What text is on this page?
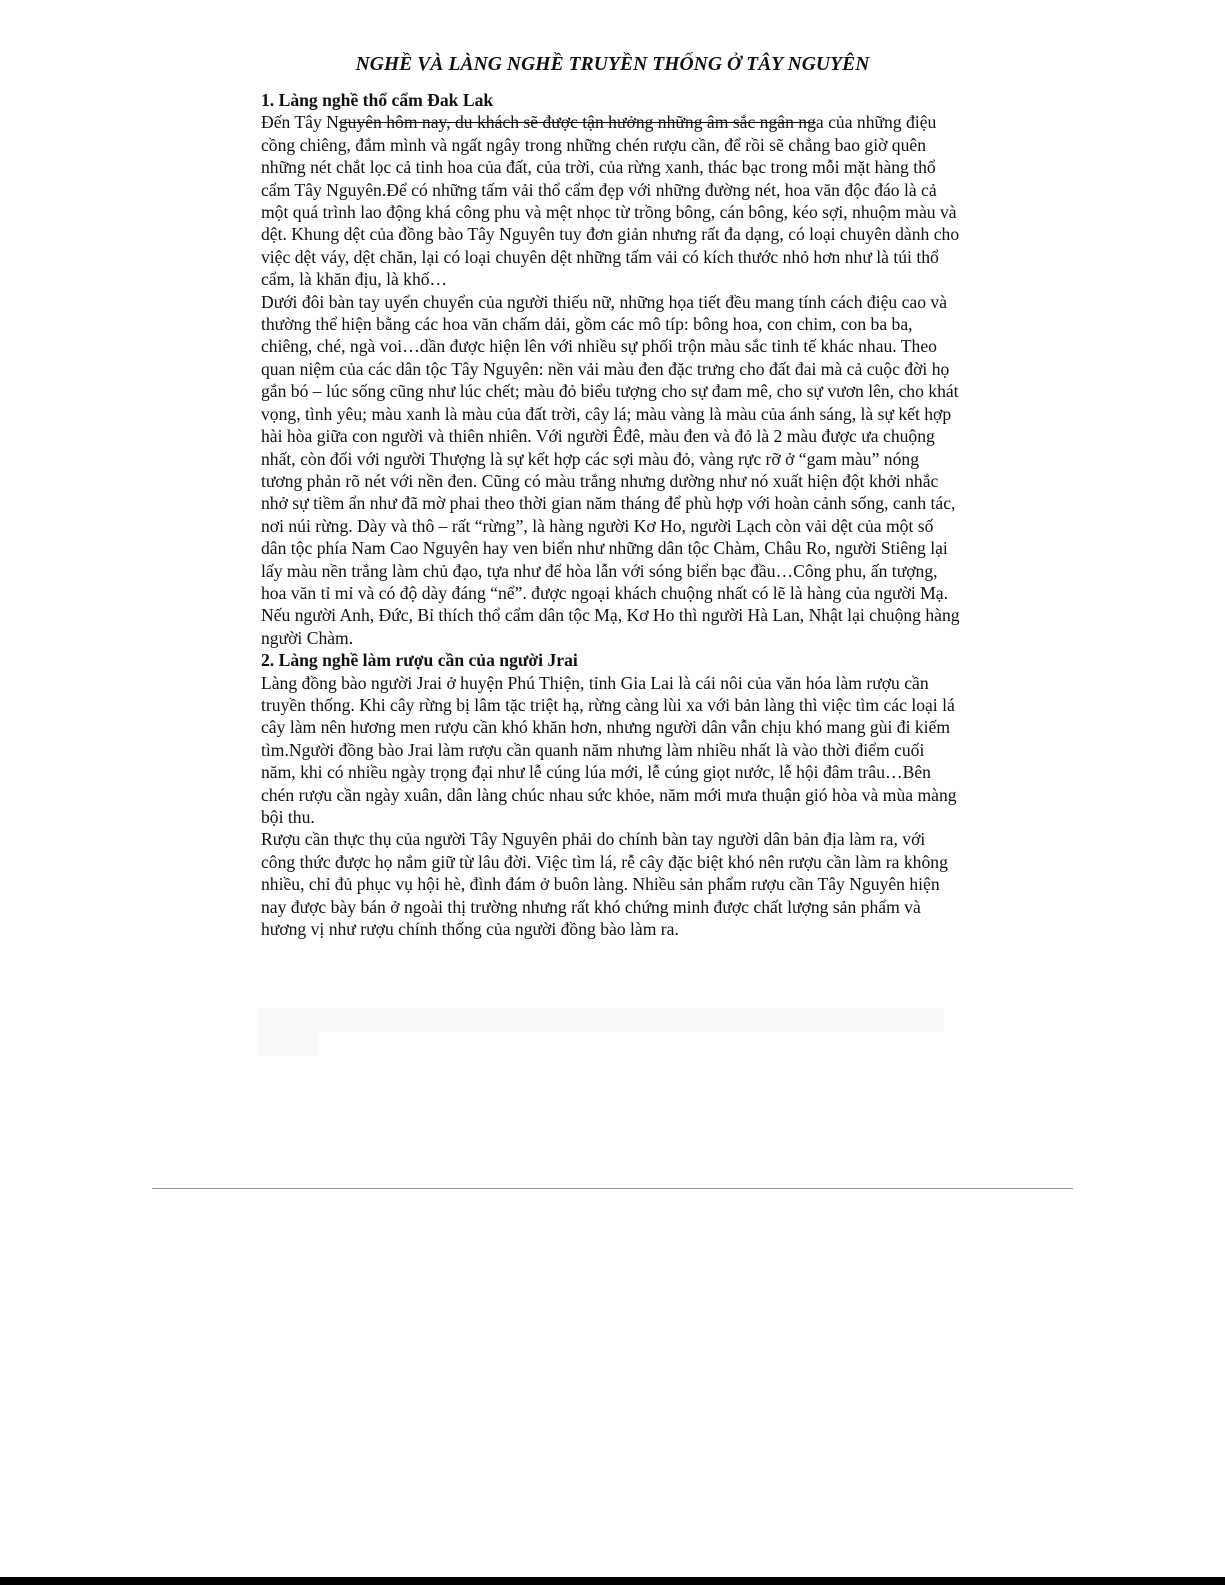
NGHỀ VÀ LÀNG NGHỀ TRUYỀN THỐNG Ở TÂY NGUYÊN
1. Làng nghề thổ cẩm Đak Lak

Đến Tây Nguyên hôm nay, du khách sẽ được tận hưởng những âm sắc ngân nga của những điệu cồng chiêng, đắm mình và ngất ngây trong những chén rượu cần, để rồi sẽ chẳng bao giờ quên những nét chắt lọc cả tinh hoa của đất, của trời, của rừng xanh, thác bạc trong mỗi mặt hàng thổ cẩm Tây Nguyên.Để có những tấm vải thổ cẩm đẹp với những đường nét, hoa văn độc đáo là cả một quá trình lao động khá công phu và mệt nhọc từ trồng bông, cán bông, kéo sợi, nhuộm màu và dệt. Khung dệt của đồng bào Tây Nguyên tuy đơn giản nhưng rất đa dạng, có loại chuyên dành cho việc dệt váy, dệt chăn, lại có loại chuyên dệt những tấm vải có kích thước nhỏ hơn như là túi thổ cẩm, là khăn địu, là khố…

Dưới đôi bàn tay uyển chuyển của người thiếu nữ, những họa tiết đều mang tính cách điệu cao và thường thể hiện bằng các hoa văn chấm dải, gồm các mô típ: bông hoa, con chim, con ba ba, chiêng, ché, ngà voi…dần được hiện lên với nhiều sự phối trộn màu sắc tinh tế khác nhau. Theo quan niệm của các dân tộc Tây Nguyên: nền vải màu đen đặc trưng cho đất đai mà cả cuộc đời họ gắn bó – lúc sống cũng như lúc chết; màu đỏ biểu tượng cho sự đam mê, cho sự vươn lên, cho khát vọng, tình yêu; màu xanh là màu của đất trời, cây lá; màu vàng là màu của ánh sáng, là sự kết hợp hài hòa giữa con người và thiên nhiên. Với người Êđê, màu đen và đỏ là 2 màu được ưa chuộng nhất, còn đối với người Thượng là sự kết hợp các sợi màu đỏ, vàng rực rỡ ở “gam màu” nóng tương phản rõ nét với nền đen. Cũng có màu trắng nhưng dường như nó xuất hiện đột khởi nhắc nhở sự tiềm ẩn như đã mờ phai theo thời gian năm tháng để phù hợp với hoàn cảnh sống, canh tác, nơi núi rừng. Dày và thô – rất “rừng”, là hàng người Kơ Ho, người Lạch còn vải dệt của một số dân tộc phía Nam Cao Nguyên hay ven biển như những dân tộc Chàm, Châu Ro, người Stiêng lại lấy màu nền trắng làm chủ đạo, tựa như để hòa lẫn với sóng biển bạc đầu…Công phu, ấn tượng, hoa văn tỉ mỉ và có độ dày đáng “nể”. được ngoại khách chuộng nhất có lẽ là hàng của người Mạ. Nếu người Anh, Đức, Bỉ thích thổ cẩm dân tộc Mạ, Kơ Ho thì người Hà Lan, Nhật lại chuộng hàng người Chàm.

2. Làng nghề làm rượu cần của người Jrai

Làng đồng bào người Jrai ở huyện Phú Thiện, tỉnh Gia Lai là cái nôi của văn hóa làm rượu cần truyền thống. Khi cây rừng bị lâm tặc triệt hạ, rừng càng lùi xa với bản làng thì việc tìm các loại lá cây làm nên hương men rượu cần khó khăn hơn, nhưng người dân vẫn chịu khó mang gùi đi kiếm tìm.Người đồng bào Jrai làm rượu cần quanh năm nhưng làm nhiều nhất là vào thời điểm cuối năm, khi có nhiều ngày trọng đại như lễ cúng lúa mới, lễ cúng giọt nước, lễ hội đâm trâu…Bên chén rượu cần ngày xuân, dân làng chúc nhau sức khỏe, năm mới mưa thuận gió hòa và mùa màng bội thu.

Rượu cần thực thụ của người Tây Nguyên phải do chính bàn tay người dân bản địa làm ra, với công thức được họ nắm giữ từ lâu đời. Việc tìm lá, rễ cây đặc biệt khó nên rượu cần làm ra không nhiều, chỉ đủ phục vụ hội hè, đình đám ở buôn làng. Nhiều sản phẩm rượu cần Tây Nguyên hiện nay được bày bán ở ngoài thị trường nhưng rất khó chứng minh được chất lượng sản phẩm và hương vị như rượu chính thống của người đồng bào làm ra.
